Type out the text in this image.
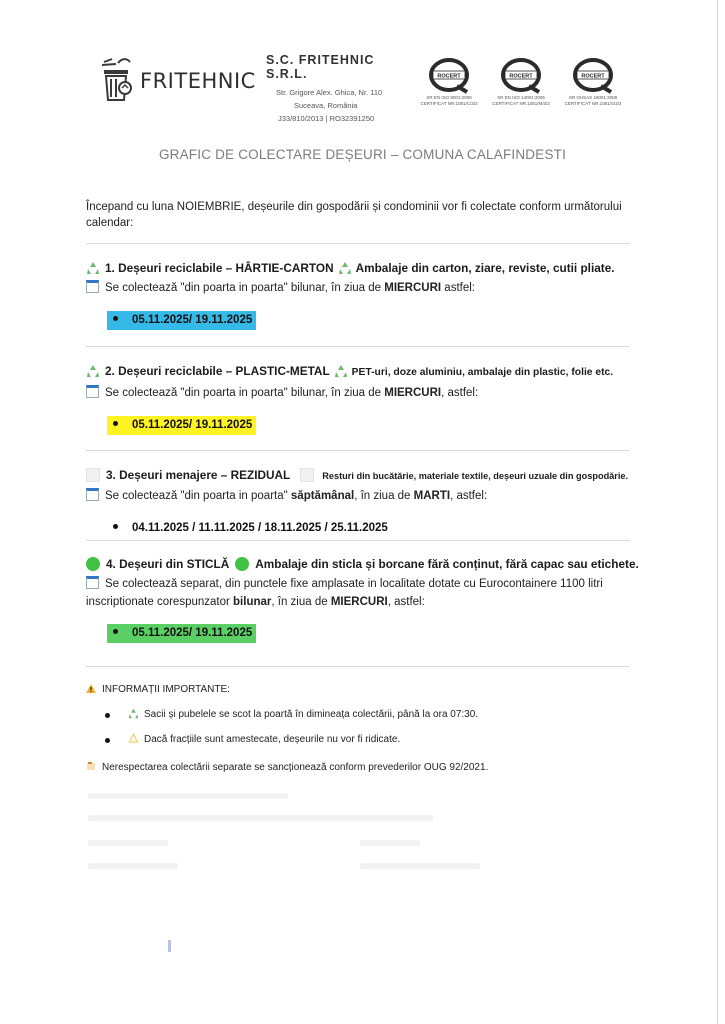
FRITEHNIC
S.C. FRITEHNIC S.R.L.
Str. Grigore Alex. Ghica, Nr. 110
Suceava, România
J33/810/2013 | RO32391250
ROCERT
SR EN ISO 9001:2008
CERTIFICAT NR.1081/C/3/3
ROCERT
SR EN ISO 14001:2005
CERTIFICAT NR.1081/M/3/3
ROCERT
SR OHSAS 18001:2008
CERTIFICAT NR.1081/S/3/3
GRAFIC DE COLECTARE DEȘEURI – COMUNA CALAFINDESTI
Începand cu luna NOIEMBRIE, deșeurile din gospodării și condominii vor fi colectate conform următorului calendar:
1. Deșeuri reciclabile – HÂRTIE-CARTON Ambalaje din carton, ziare, reviste, cutii pliate.
Se colectează "din poarta in poarta" bilunar, în ziua de MIERCURI astfel:
05.11.2025/ 19.11.2025
2. Deșeuri reciclabile – PLASTIC-METAL PET-uri, doze aluminiu, ambalaje din plastic, folie etc.
Se colectează "din poarta in poarta" bilunar, în ziua de MIERCURI, astfel:
05.11.2025/ 19.11.2025
3. Deșeuri menajere – REZIDUAL	Resturi din bucătărie, materiale textile, deșeuri uzuale din gospodărie.
Se colectează "din poarta in poarta" săptămânal, în ziua de MARTI, astfel:
04.11.2025 / 11.11.2025 / 18.11.2025 / 25.11.2025
4. Deșeuri din STICLĂ Ambalaje din sticla și borcane fără conținut, fără capac sau etichete.
Se colectează separat, din punctele fixe amplasate in localitate dotate cu Eurocontainere 1100 litri inscriptionate corespunzator bilunar, în ziua de MIERCURI, astfel:
05.11.2025/ 19.11.2025
INFORMAȚII IMPORTANTE:
Sacii și pubelele se scot la poartă în dimineața colectării, până la ora 07:30.
Dacă fracțiile sunt amestecate, deșeurile nu vor fi ridicate.
Nerespectarea colectării separate se sancționează conform prevederilor OUG 92/2021.
